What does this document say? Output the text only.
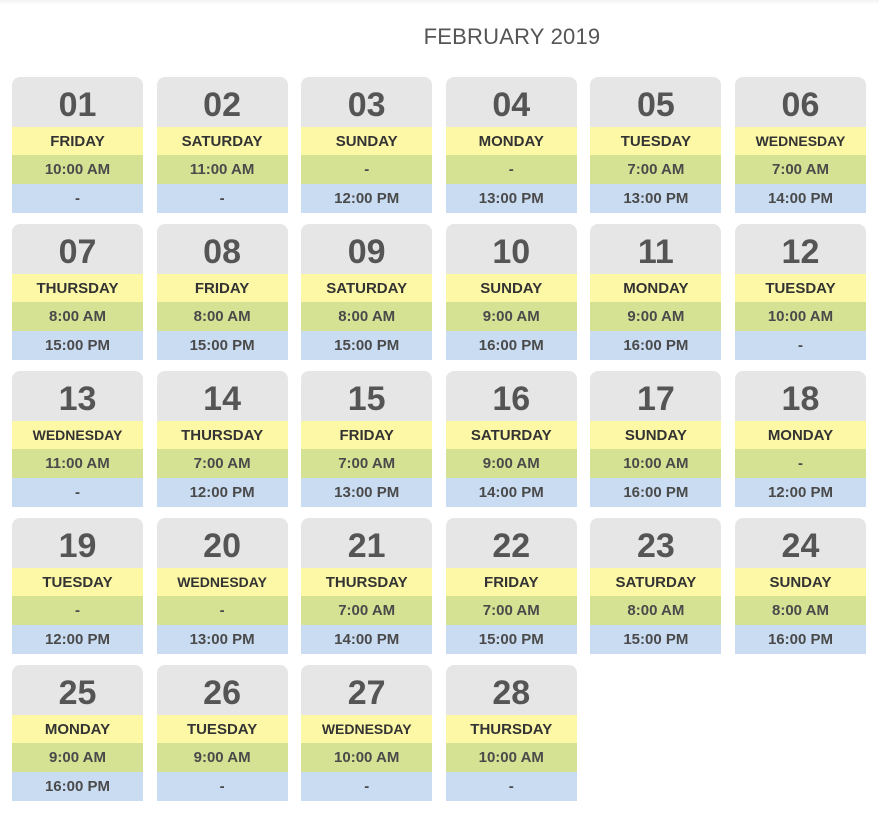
FEBRUARY 2019
01
FRIDAY
10:00 AM
-
02
SATURDAY
11:00 AM
-
03
SUNDAY
-
12:00 PM
04
MONDAY
-
13:00 PM
05
TUESDAY
7:00 AM
13:00 PM
06
WEDNESDAY
7:00 AM
14:00 PM
07
THURSDAY
8:00 AM
15:00 PM
08
FRIDAY
8:00 AM
15:00 PM
09
SATURDAY
8:00 AM
15:00 PM
10
SUNDAY
9:00 AM
16:00 PM
11
MONDAY
9:00 AM
16:00 PM
12
TUESDAY
10:00 AM
-
13
WEDNESDAY
11:00 AM
-
14
THURSDAY
7:00 AM
12:00 PM
15
FRIDAY
7:00 AM
13:00 PM
16
SATURDAY
9:00 AM
14:00 PM
17
SUNDAY
10:00 AM
16:00 PM
18
MONDAY
-
12:00 PM
19
TUESDAY
-
12:00 PM
20
WEDNESDAY
-
13:00 PM
21
THURSDAY
7:00 AM
14:00 PM
22
FRIDAY
7:00 AM
15:00 PM
23
SATURDAY
8:00 AM
15:00 PM
24
SUNDAY
8:00 AM
16:00 PM
25
MONDAY
9:00 AM
16:00 PM
26
TUESDAY
9:00 AM
-
27
WEDNESDAY
10:00 AM
-
28
THURSDAY
10:00 AM
-
